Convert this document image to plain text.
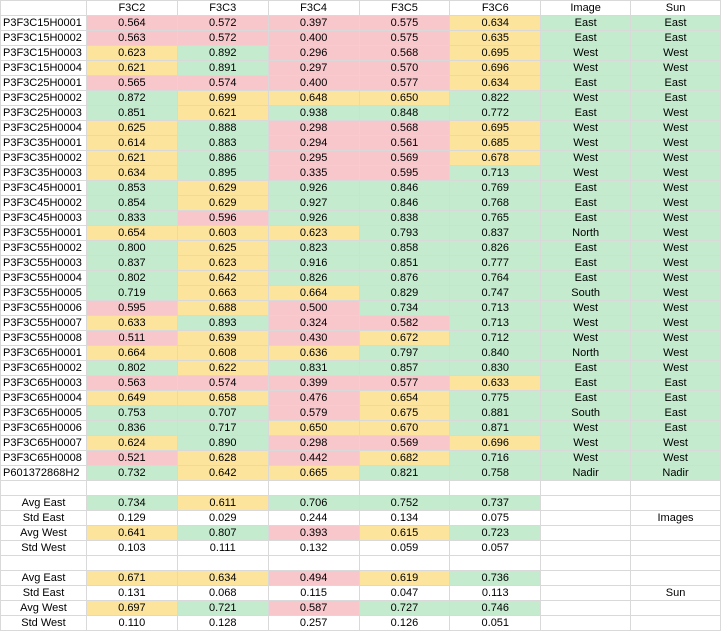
	F3C2	F3C3	F3C4	F3C5	F3C6	Image	Sun
P3F3C15H0001	0.564	0.572	0.397	0.575	0.634	East	East
P3F3C15H0002	0.563	0.572	0.400	0.575	0.635	East	East
P3F3C15H0003	0.623	0.892	0.296	0.568	0.695	West	West
P3F3C15H0004	0.621	0.891	0.297	0.570	0.696	West	West
P3F3C25H0001	0.565	0.574	0.400	0.577	0.634	East	East
P3F3C25H0002	0.872	0.699	0.648	0.650	0.822	West	East
P3F3C25H0003	0.851	0.621	0.938	0.848	0.772	East	West
P3F3C25H0004	0.625	0.888	0.298	0.568	0.695	West	West
P3F3C35H0001	0.614	0.883	0.294	0.561	0.685	West	West
P3F3C35H0002	0.621	0.886	0.295	0.569	0.678	West	West
P3F3C35H0003	0.634	0.895	0.335	0.595	0.713	West	West
P3F3C45H0001	0.853	0.629	0.926	0.846	0.769	East	West
P3F3C45H0002	0.854	0.629	0.927	0.846	0.768	East	West
P3F3C45H0003	0.833	0.596	0.926	0.838	0.765	East	West
P3F3C55H0001	0.654	0.603	0.623	0.793	0.837	North	West
P3F3C55H0002	0.800	0.625	0.823	0.858	0.826	East	West
P3F3C55H0003	0.837	0.623	0.916	0.851	0.777	East	West
P3F3C55H0004	0.802	0.642	0.826	0.876	0.764	East	West
P3F3C55H0005	0.719	0.663	0.664	0.829	0.747	South	West
P3F3C55H0006	0.595	0.688	0.500	0.734	0.713	West	West
P3F3C55H0007	0.633	0.893	0.324	0.582	0.713	West	West
P3F3C55H0008	0.511	0.639	0.430	0.672	0.712	West	West
P3F3C65H0001	0.664	0.608	0.636	0.797	0.840	North	West
P3F3C65H0002	0.802	0.622	0.831	0.857	0.830	East	West
P3F3C65H0003	0.563	0.574	0.399	0.577	0.633	East	East
P3F3C65H0004	0.649	0.658	0.476	0.654	0.775	East	East
P3F3C65H0005	0.753	0.707	0.579	0.675	0.881	South	East
P3F3C65H0006	0.836	0.717	0.650	0.670	0.871	West	East
P3F3C65H0007	0.624	0.890	0.298	0.569	0.696	West	West
P3F3C65H0008	0.521	0.628	0.442	0.682	0.716	West	West
P601372868H2	0.732	0.642	0.665	0.821	0.758	Nadir	Nadir

Avg East	0.734	0.611	0.706	0.752	0.737		
Std East	0.129	0.029	0.244	0.134	0.075		Images
Avg West	0.641	0.807	0.393	0.615	0.723		
Std West	0.103	0.111	0.132	0.059	0.057		

Avg East	0.671	0.634	0.494	0.619	0.736		
Std East	0.131	0.068	0.115	0.047	0.113		Sun
Avg West	0.697	0.721	0.587	0.727	0.746		
Std West	0.110	0.128	0.257	0.126	0.051		
